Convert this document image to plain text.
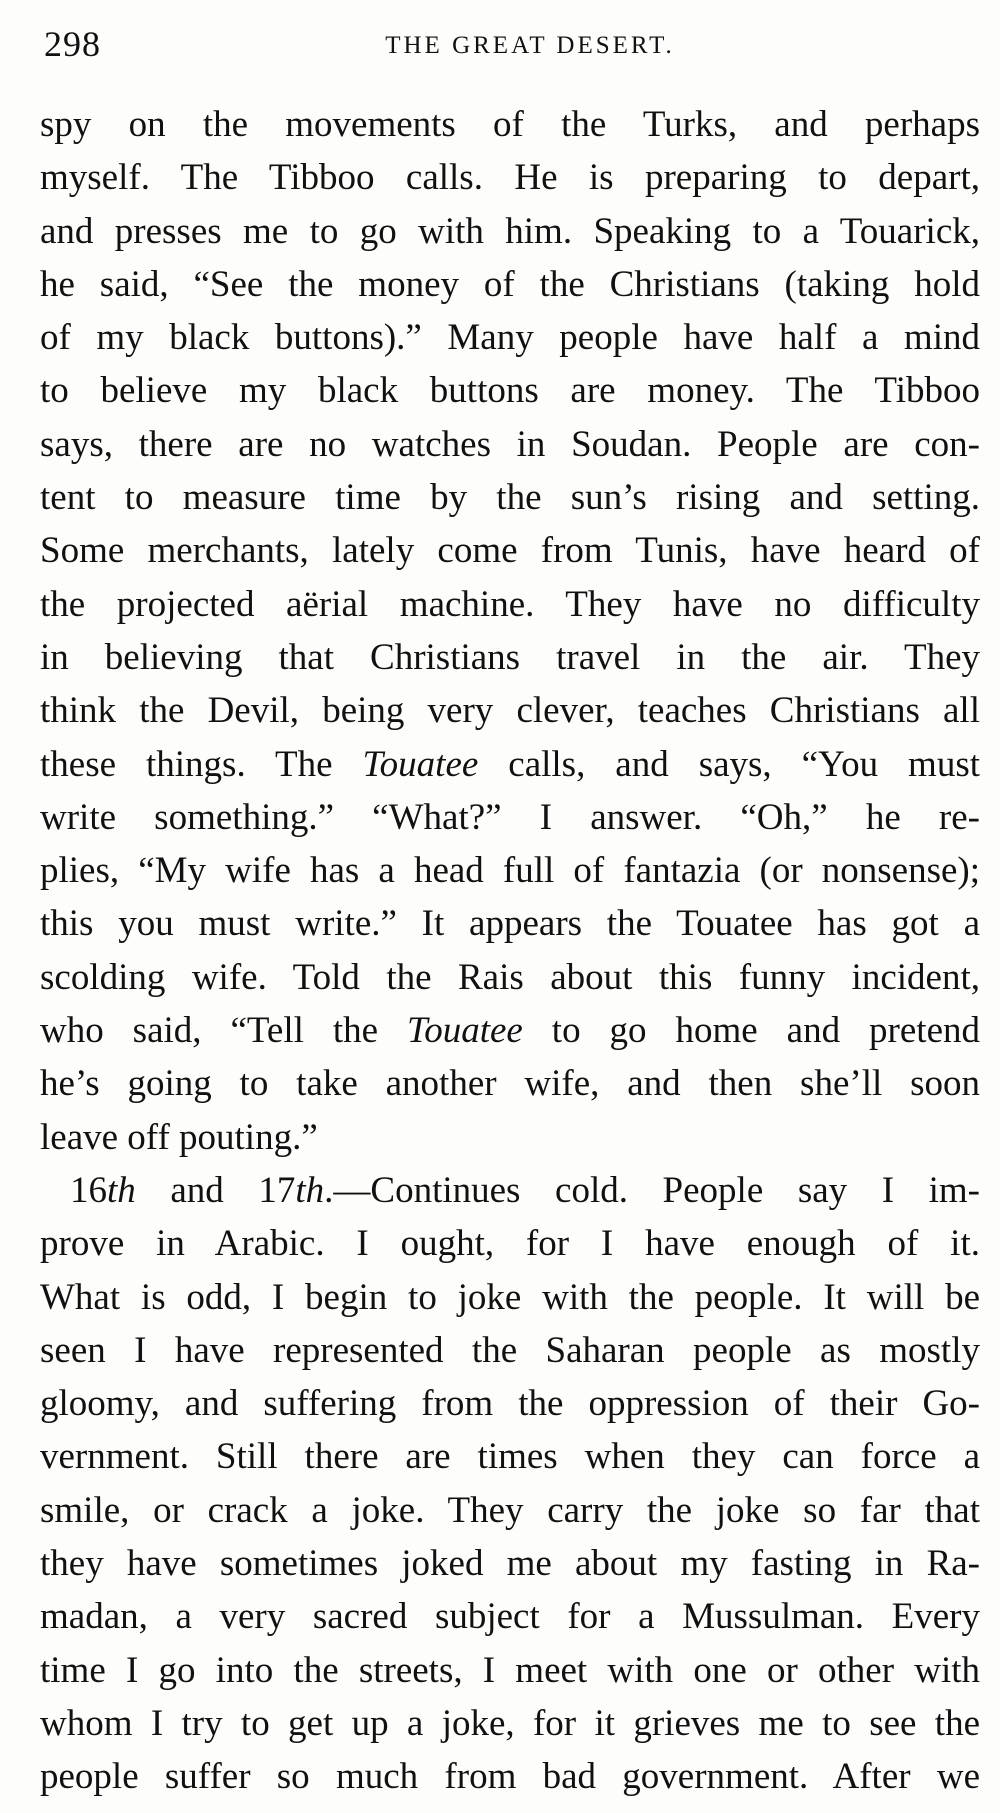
298	THE GREAT DESERT.
spy on the movements of the Turks, and perhaps
myself. The Tibboo calls. He is preparing to depart,
and presses me to go with him. Speaking to a Touarick,
he said, “See the money of the Christians (taking hold
of my black buttons).” Many people have half a mind
to believe my black buttons are money. The Tibboo
says, there are no watches in Soudan. People are con-
tent to measure time by the sun’s rising and setting.
Some merchants, lately come from Tunis, have heard of
the projected aërial machine. They have no difficulty
in believing that Christians travel in the air. They
think the Devil, being very clever, teaches Christians all
these things. The Touatee calls, and says, “You must
write something.” “What?” I answer. “Oh,” he re-
plies, “My wife has a head full of fantazia (or nonsense);
this you must write.” It appears the Touatee has got a
scolding wife. Told the Rais about this funny incident,
who said, “Tell the Touatee to go home and pretend
he’s going to take another wife, and then she’ll soon
leave off pouting.”
16th and 17th.—Continues cold. People say I im-
prove in Arabic. I ought, for I have enough of it.
What is odd, I begin to joke with the people. It will be
seen I have represented the Saharan people as mostly
gloomy, and suffering from the oppression of their Go-
vernment. Still there are times when they can force a
smile, or crack a joke. They carry the joke so far that
they have sometimes joked me about my fasting in Ra-
madan, a very sacred subject for a Mussulman. Every
time I go into the streets, I meet with one or other with
whom I try to get up a joke, for it grieves me to see the
people suffer so much from bad government. After we
